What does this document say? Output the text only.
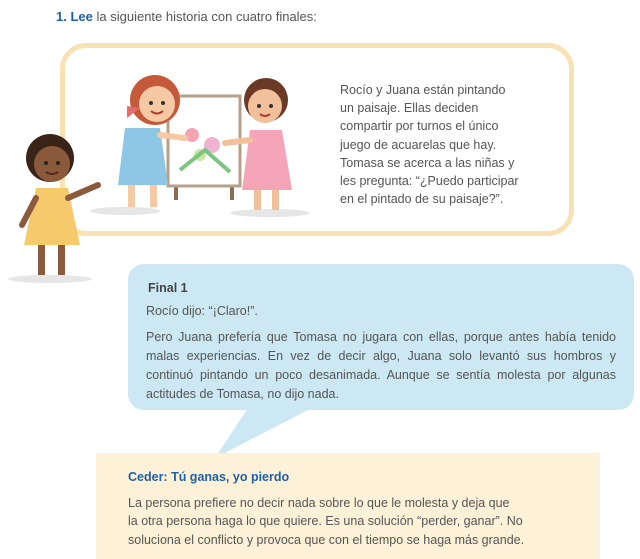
1. Lee la siguiente historia con cuatro finales:
Rocío y Juana están pintando
un paisaje. Ellas deciden
compartir por turnos el único
juego de acuarelas que hay.
Tomasa se acerca a las niñas y
les pregunta: “¿Puedo participar
en el pintado de su paisaje?”.
Final 1
Rocío dijo: “¡Claro!”.
Pero Juana prefería que Tomasa no jugara con ellas, porque antes había tenido malas experiencias. En vez de decir algo, Juana solo levantó sus hombros y continuó pintando un poco desanimada. Aunque se sentía molesta por algunas actitudes de Tomasa, no dijo nada.
Ceder: Tú ganas, yo pierdo
La persona prefiere no decir nada sobre lo que le molesta y deja que
la otra persona haga lo que quiere. Es una solución “perder, ganar”. No
soluciona el conflicto y provoca que con el tiempo se haga más grande.
